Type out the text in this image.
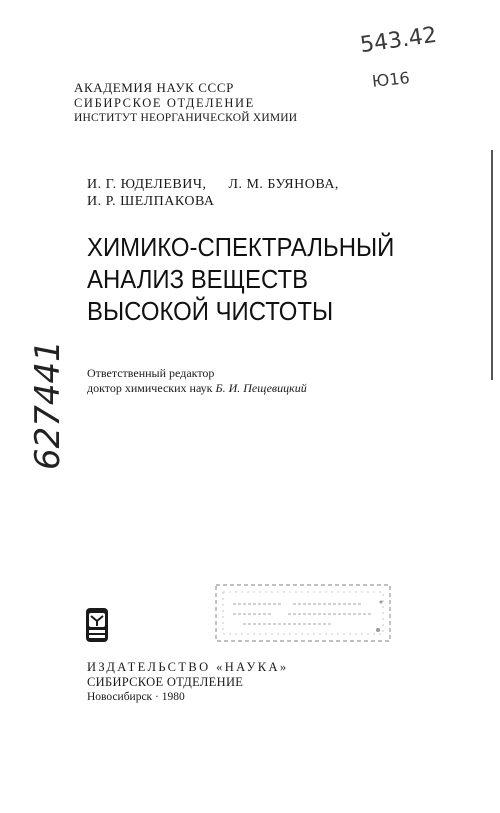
543.42
Ю16
АКАДЕМИЯ НАУК СССР
СИБИРСКОЕ ОТДЕЛЕНИЕ
ИНСТИТУТ НЕОРГАНИЧЕСКОЙ ХИМИИ
И. Г. ЮДЕЛЕВИЧ, Л. М. БУЯНОВА,
И. Р. ШЕЛПАКОВА
ХИМИКО-СПЕКТРАЛЬНЫЙ
АНАЛИЗ ВЕЩЕСТВ
ВЫСОКОЙ ЧИСТОТЫ
Ответственный редактор
доктор химических наук Б. И. Пещевицкий
627441
ИЗДАТЕЛЬСТВО «НАУКА»
СИБИРСКОЕ ОТДЕЛЕНИЕ
Новосибирск · 1980
